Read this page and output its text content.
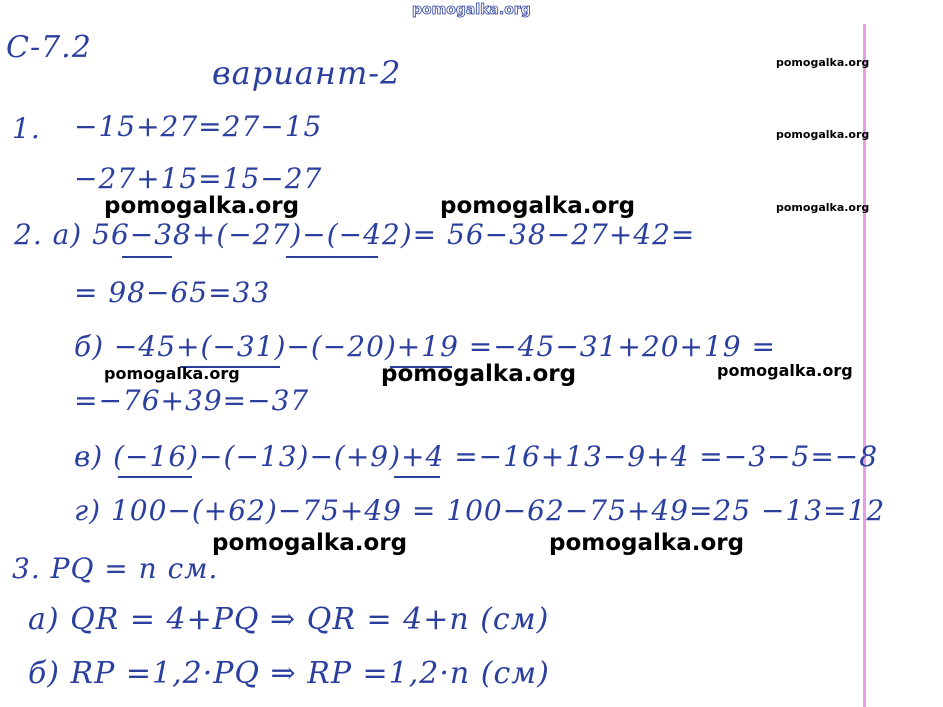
pomogalka.org
С-7.2
вариант-2
1. −15+27=27−15
−27+15=15−27
2. а) 56−38+(−27)−(−42)= 56−38−27+42=
= 98−65=33
б) −45+(−31)−(−20)+19 =−45−31+20+19 =
=−76+39=−37
в) (−16)−(−13)−(+9)+4 =−16+13−9+4 =−3−5=−8
г) 100−(+62)−75+49 = 100−62−75+49=25 −13=12
3. PQ = n см.
а) QR = 4+PQ ⇒ QR = 4+n (см)
б) RP =1,2·PQ ⇒ RP =1,2·n (см)
pomogalka.org
pomogalka.org
pomogalka.org
pomogalka.org	pomogalka.org
pomogalka.org	pomogalka.org	pomogalka.org
pomogalka.org	pomogalka.org
